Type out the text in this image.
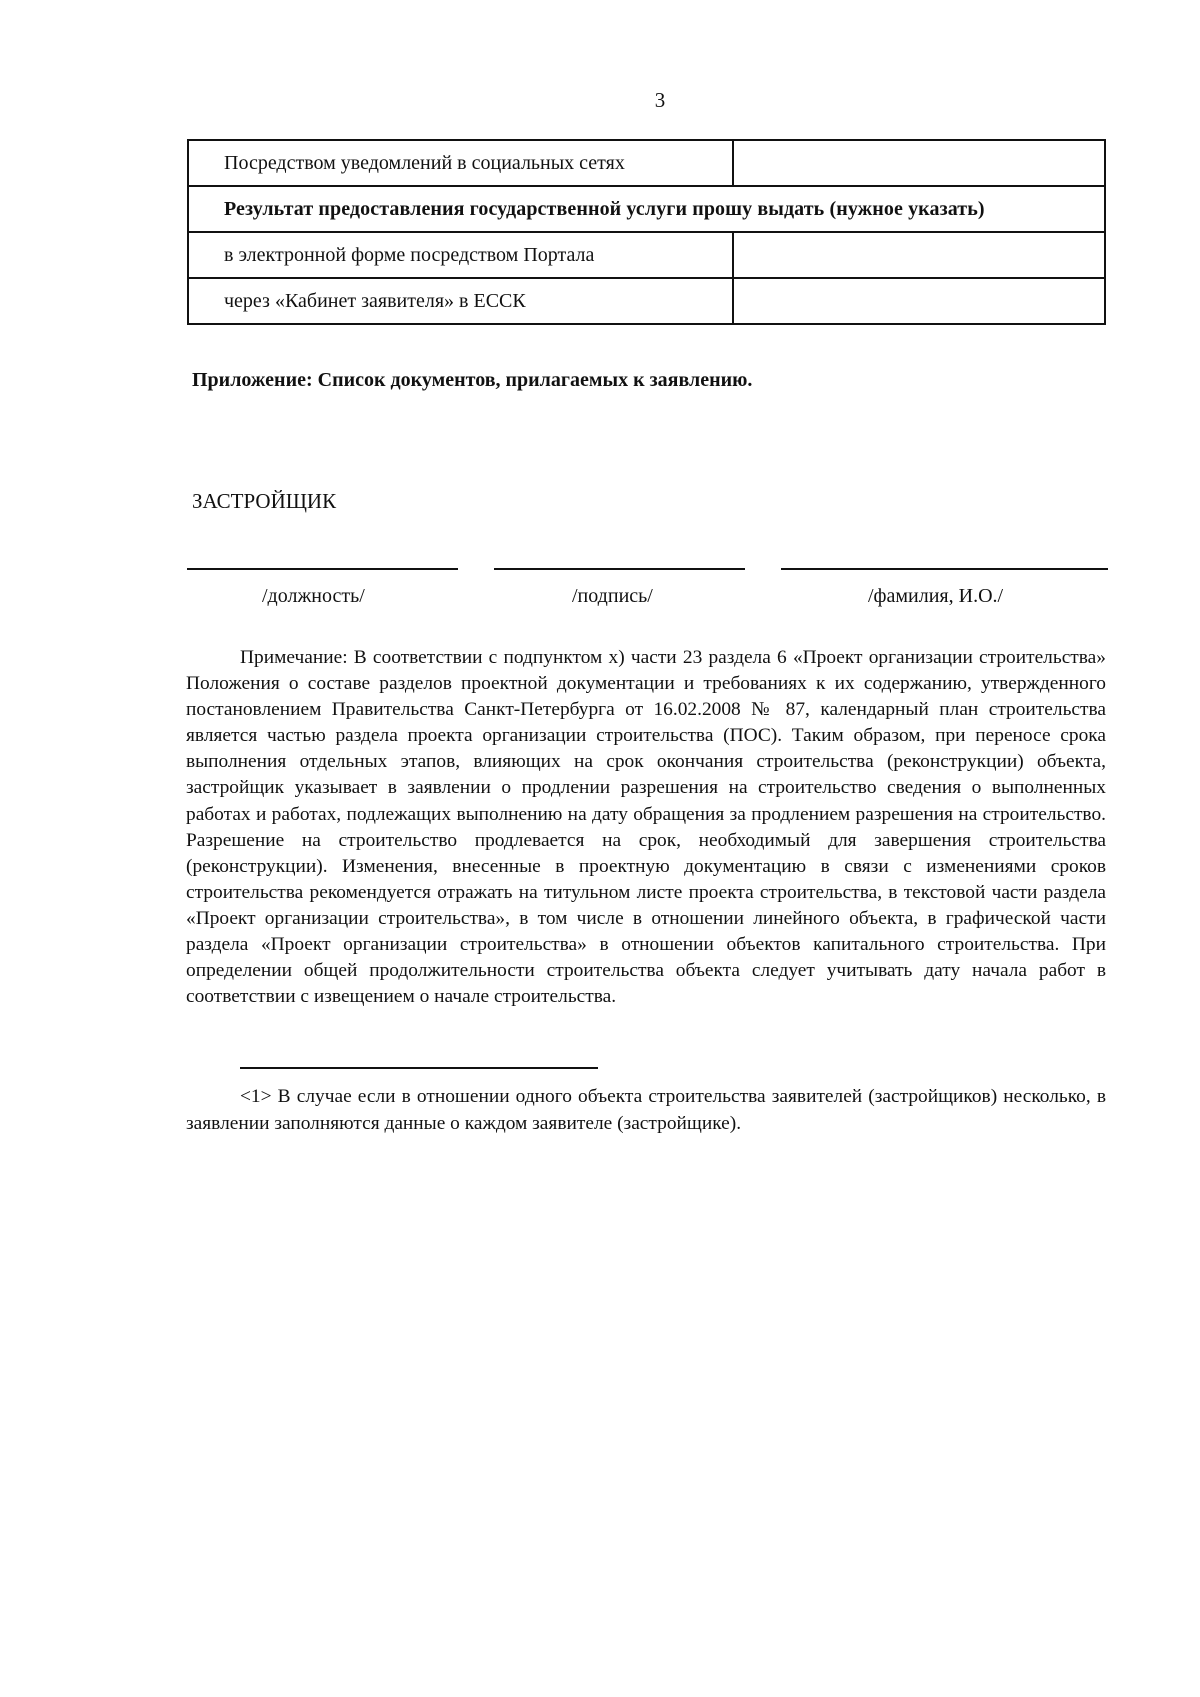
3
Посредством уведомлений в социальных сетях	
Результат предоставления государственной услуги прошу выдать (нужное указать)	
в электронной форме посредством Портала	
через «Кабинет заявителя» в ЕССК	
Приложение: Список документов, прилагаемых к заявлению.
ЗАСТРОЙЩИК
/должность/	/подпись/	/фамилия, И.О./

Примечание: В соответствии с подпунктом х) части 23 раздела 6 «Проект организации строительства» Положения о составе разделов проектной документации и требованиях к их содержанию, утвержденного постановлением Правительства Санкт-Петербурга от 16.02.2008 № 87, календарный план строительства является частью раздела проекта организации строительства (ПОС). Таким образом, при переносе срока выполнения отдельных этапов, влияющих на срок окончания строительства (реконструкции) объекта, застройщик указывает в заявлении о продлении разрешения на строительство сведения о выполненных работах и работах, подлежащих выполнению на дату обращения за продлением разрешения на строительство. Разрешение на строительство продлевается на срок, необходимый для завершения строительства (реконструкции). Изменения, внесенные в проектную документацию в связи с изменениями сроков строительства рекомендуется отражать на титульном листе проекта строительства, в текстовой части раздела «Проект организации строительства», в том числе в отношении линейного объекта, в графической части раздела «Проект организации строительства» в отношении объектов капитального строительства. При определении общей продолжительности строительства объекта следует учитывать дату начала работ в соответствии с извещением о начале строительства.

<1> В случае если в отношении одного объекта строительства заявителей (застройщиков) несколько, в заявлении заполняются данные о каждом заявителе (застройщике).
